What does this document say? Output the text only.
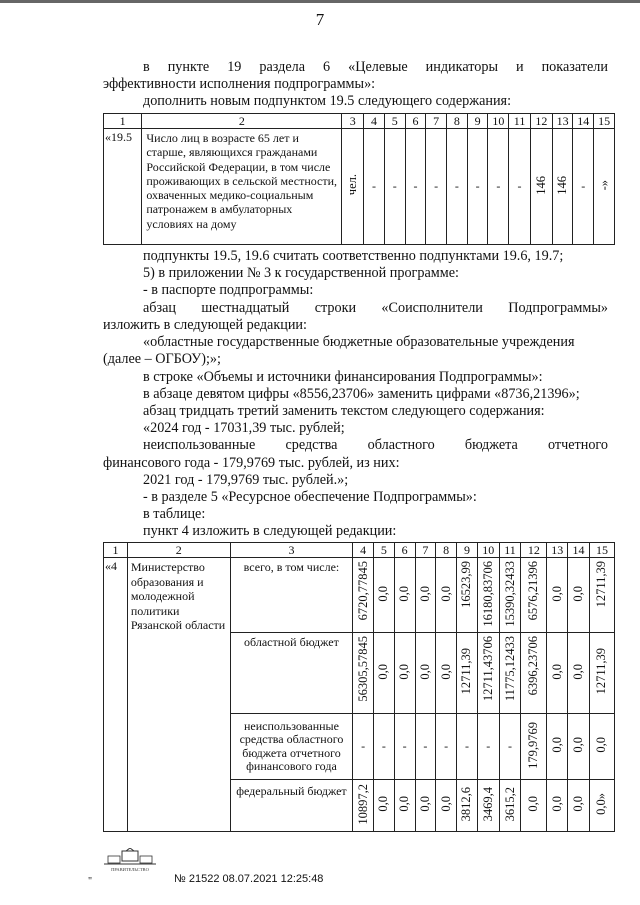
7
в пункте 19 раздела 6 «Целевые индикаторы и показатели
эффективности исполнения подпрограммы»:
дополнить новым подпунктом 19.5 следующего содержания:
1	2	3	4	5	6	7	8	9	10	11	12	13	14	15
«19.5	Число лиц в возрасте 65 лет и старше, являющихся гражданами Российской Федерации, в том числе проживающих в сельской местности, охваченных медико-социальным патронажем в амбулаторных условиях на дому	чел.	-	-	-	-	-	-	-	-	146	146	-	-»
подпункты 19.5, 19.6 считать соответственно подпунктами 19.6, 19.7;
5) в приложении № 3 к государственной программе:
- в паспорте подпрограммы:
абзац шестнадцатый строки «Соисполнители Подпрограммы»
изложить в следующей редакции:
«областные государственные бюджетные образовательные учреждения
(далее – ОГБОУ);»;
в строке «Объемы и источники финансирования Подпрограммы»:
в абзаце девятом цифры «8556,23706» заменить цифрами «8736,21396»;
абзац тридцать третий заменить текстом следующего содержания:
«2024 год - 17031,39 тыс. рублей;
неиспользованные средства областного бюджета отчетного
финансового года - 179,9769 тыс. рублей, из них:
2021 год - 179,9769 тыс. рублей.»;
- в разделе 5 «Ресурсное обеспечение Подпрограммы»:
в таблице:
пункт 4 изложить в следующей редакции:
1	2	3	4	5	6	7	8	9	10	11	12	13	14	15
«4	Министерство образования и молодежной политики Рязанской области	всего, в том числе:	6720,77845	0,0	0,0	0,0	0,0	16523,99	16180,83706	15390,32433	6576,21396	0,0	0,0	12711,39
		областной бюджет	56305,57845	0,0	0,0	0,0	0,0	12711,39	12711,43706	11775,12433	6396,23706	0,0	0,0	12711,39
		неиспользованные средства областного бюджета отчетного финансового года	-	-	-	-	-	-	-	-	179,9769	0,0	0,0	0,0
		федеральный бюджет	10897,2	0,0	0,0	0,0	0,0	3812,6	3469,4	3615,2	0,0	0,0	0,0	0,0»
ПРАВИТЕЛЬСТВО
"	№ 21522 08.07.2021 12:25:48
